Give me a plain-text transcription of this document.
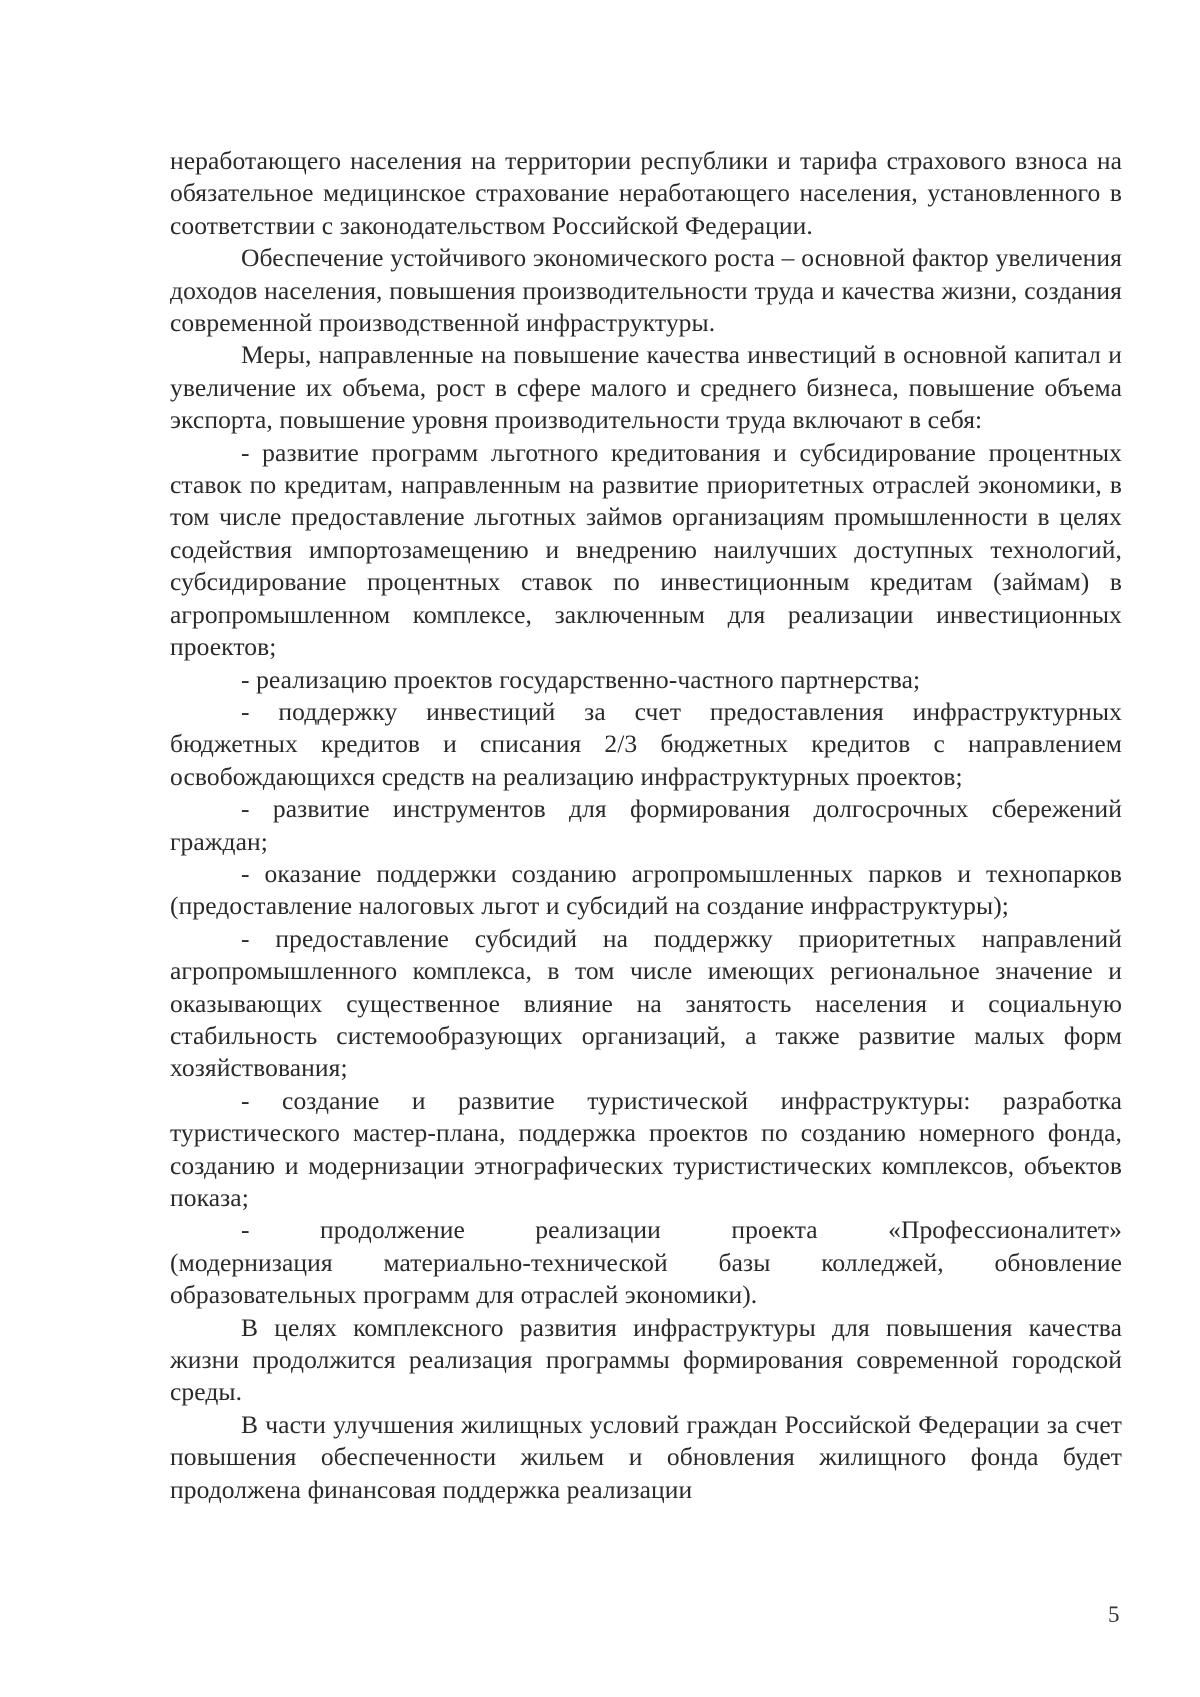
неработающего населения на территории республики и тарифа страхового взноса на обязательное медицинское страхование неработающего населения, установленного в соответствии с законодательством Российской Федерации.

Обеспечение устойчивого экономического роста – основной фактор увеличения доходов населения, повышения производительности труда и качества жизни, создания современной производственной инфраструктуры.

Меры, направленные на повышение качества инвестиций в основной капитал и увеличение их объема, рост в сфере малого и среднего бизнеса, повышение объема экспорта, повышение уровня производительности труда включают в себя:

- развитие программ льготного кредитования и субсидирование процентных ставок по кредитам, направленным на развитие приоритетных отраслей экономики, в том числе предоставление льготных займов организациям промышленности в целях содействия импортозамещению и внедрению наилучших доступных технологий, субсидирование процентных ставок по инвестиционным кредитам (займам) в агропромышленном комплексе, заключенным для реализации инвестиционных проектов;

- реализацию проектов государственно-частного партнерства;

- поддержку инвестиций за счет предоставления инфраструктурных бюджетных кредитов и списания 2/3 бюджетных кредитов с направлением освобождающихся средств на реализацию инфраструктурных проектов;

- развитие инструментов для формирования долгосрочных сбережений граждан;

- оказание поддержки созданию агропромышленных парков и технопарков (предоставление налоговых льгот и субсидий на создание инфраструктуры);

- предоставление субсидий на поддержку приоритетных направлений агропромышленного комплекса, в том числе имеющих региональное значение и оказывающих существенное влияние на занятость населения и социальную стабильность системообразующих организаций, а также развитие малых форм хозяйствования;

- создание и развитие туристической инфраструктуры: разработка туристического мастер-плана, поддержка проектов по созданию номерного фонда, созданию и модернизации этнографических туристистических комплексов, объектов показа;

-      продолжение      реализации      проекта      «Профессионалитет» (модернизация материально-технической базы колледжей, обновление образовательных программ для отраслей экономики).

В целях комплексного развития инфраструктуры для повышения качества жизни продолжится реализация программы формирования современной городской среды.

В части улучшения жилищных условий граждан Российской Федерации за счет повышения обеспеченности жильем и обновления жилищного фонда будет продолжена финансовая поддержка реализации

5
